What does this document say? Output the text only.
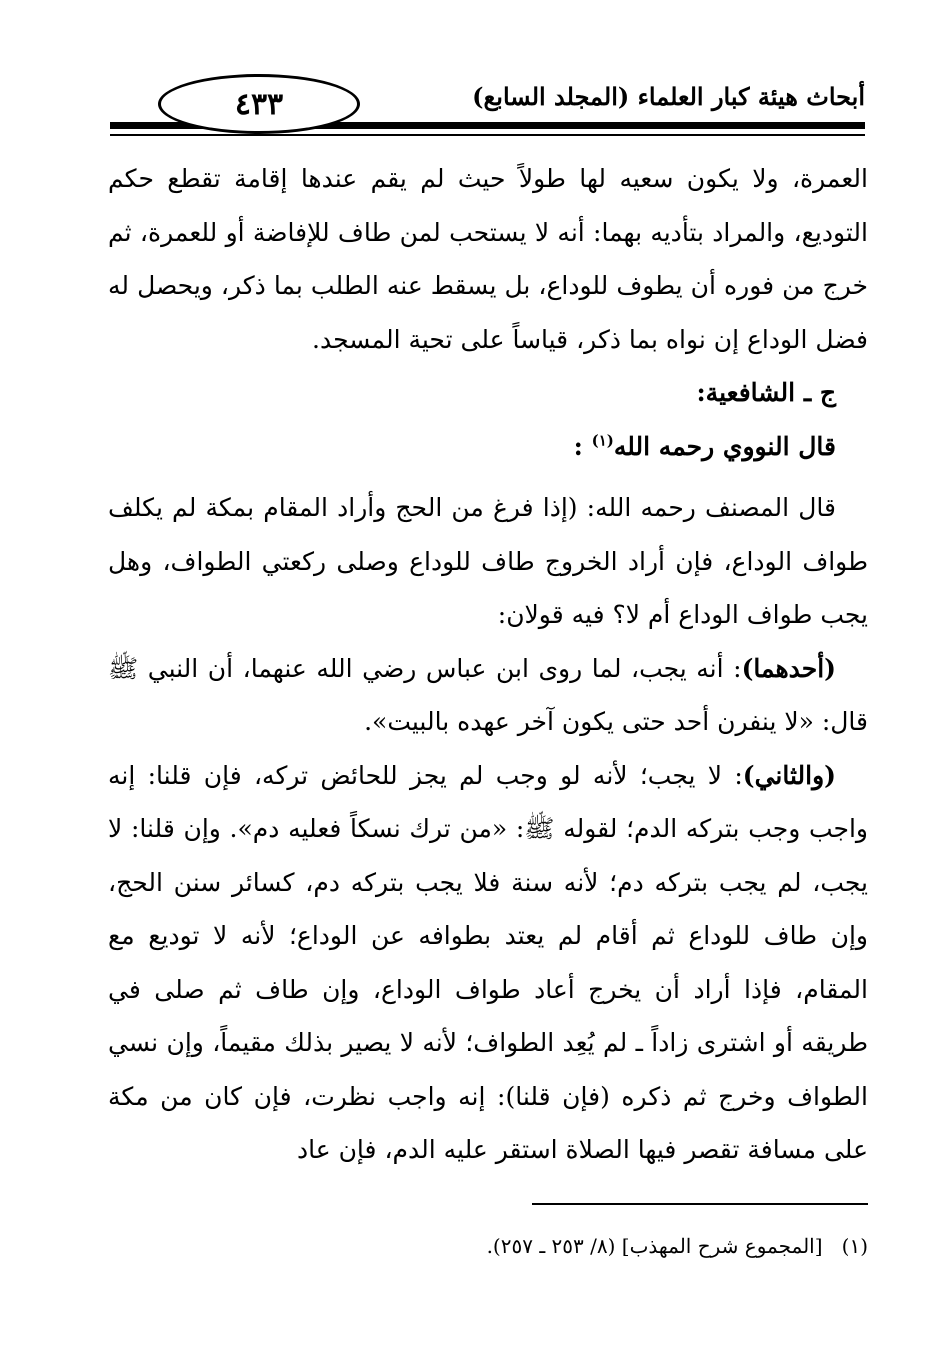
٤٣٣	أبحاث هيئة كبار العلماء (المجلد السابع)

العمرة، ولا يكون سعيه لها طولاً حيث لم يقم عندها إقامة تقطع حكم التوديع، والمراد بتأديه بهما: أنه لا يستحب لمن طاف للإفاضة أو للعمرة، ثم خرج من فوره أن يطوف للوداع، بل يسقط عنه الطلب بما ذكر، ويحصل له فضل الوداع إن نواه بما ذكر، قياساً على تحية المسجد.

ج ـ الشافعية:

قال النووي رحمه الله$^{(١)}$ :

قال المصنف رحمه الله: (إذا فرغ من الحج وأراد المقام بمكة لم يكلف طواف الوداع، فإن أراد الخروج طاف للوداع وصلى ركعتي الطواف، وهل يجب طواف الوداع أم لا؟ فيه قولان:

(أحدهما): أنه يجب، لما روى ابن عباس رضي الله عنهما، أن النبي ﷺ قال: «لا ينفرن أحد حتى يكون آخر عهده بالبيت».

(والثاني): لا يجب؛ لأنه لو وجب لم يجز للحائض تركه، فإن قلنا: إنه واجب وجب بتركه الدم؛ لقوله ﷺ: «من ترك نسكاً فعليه دم». وإن قلنا: لا يجب، لم يجب بتركه دم؛ لأنه سنة فلا يجب بتركه دم، كسائر سنن الحج، وإن طاف للوداع ثم أقام لم يعتد بطوافه عن الوداع؛ لأنه لا توديع مع المقام، فإذا أراد أن يخرج أعاد طواف الوداع، وإن طاف ثم صلى في طريقه أو اشترى زاداً ـ لم يُعِد الطواف؛ لأنه لا يصير بذلك مقيماً، وإن نسي الطواف وخرج ثم ذكره (فإن قلنا): إنه واجب نظرت، فإن كان من مكة على مسافة تقصر فيها الصلاة استقر عليه الدم، فإن عاد

(١)   [المجموع شرح المهذب] (٨/ ٢٥٣ ـ ٢٥٧).
